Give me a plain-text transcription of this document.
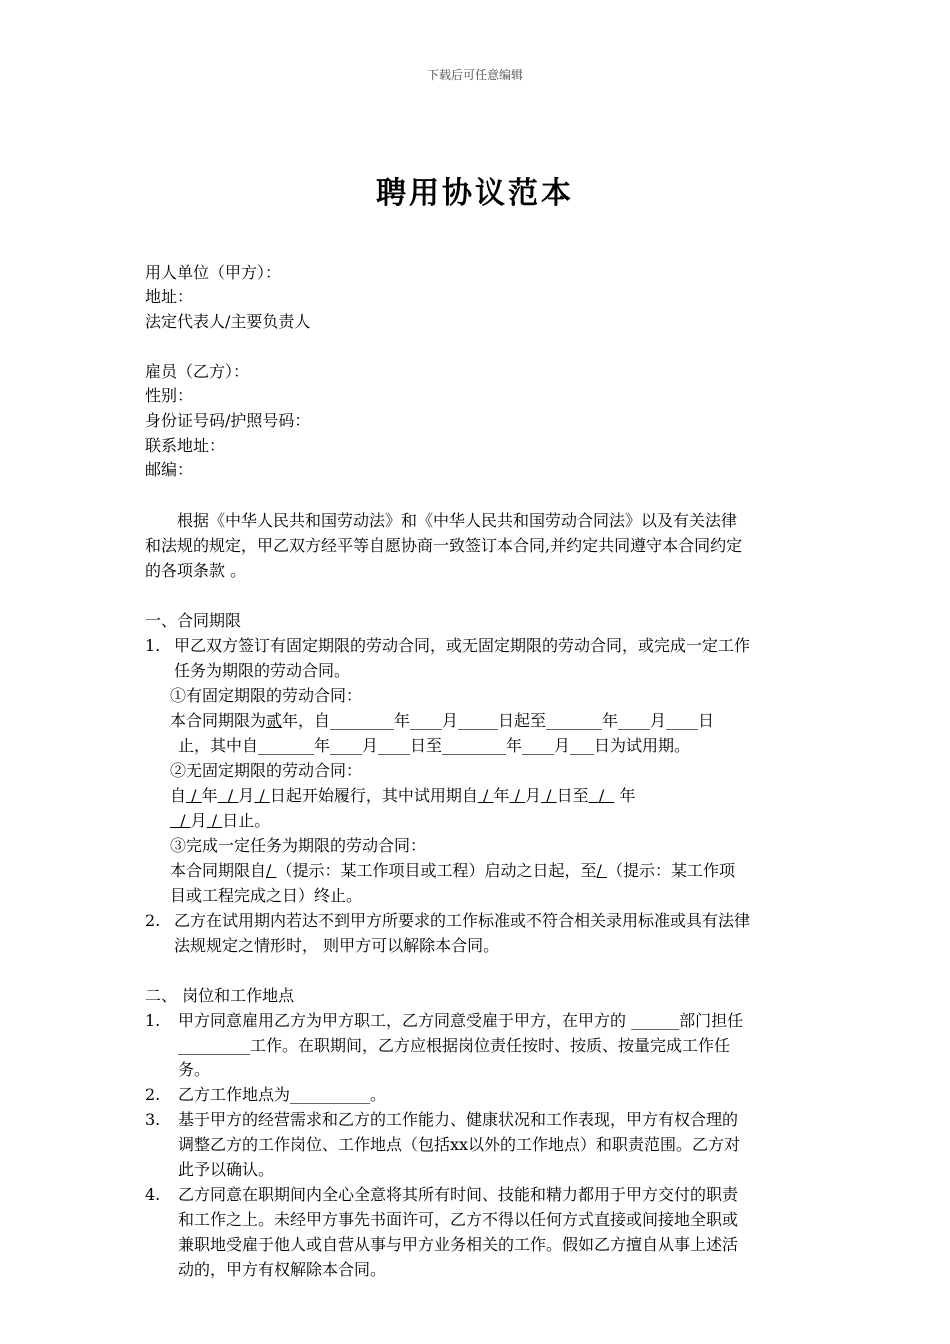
下载后可任意编辑
聘用协议范本
用人单位（甲方）：
地址：
法定代表人/主要负责人
雇员（乙方）：
性别：
身份证号码/护照号码：
联系地址：
邮编：
根据《中华人民共和国劳动法》和《中华人民共和国劳动合同法》以及有关法律
和法规的规定，甲乙双方经平等自愿协商一致签订本合同,并约定共同遵守本合同约定
的各项条款 。
一、合同期限
1. 甲乙双方签订有固定期限的劳动合同，或无固定期限的劳动合同，或完成一定工作
任务为期限的劳动合同。
①有固定期限的劳动合同：
本合同期限为贰年，自________年____月_____日起至_______年____月____日
止，其中自_______年____月____日至________年____月___日为试用期。
②无固定期限的劳动合同：
自 / 年 / 月 / 日起开始履行，其中试用期自 / 年 / 月 / 日至 / 年
/ 月 / 日止。
③完成一定任务为期限的劳动合同：
本合同期限自/ （提示：某工作项目或工程）启动之日起，至/ （提示：某工作项
目或工程完成之日）终止。
2. 乙方在试用期内若达不到甲方所要求的工作标准或不符合相关录用标准或具有法律
法规规定之情形时， 则甲方可以解除本合同。
二、 岗位和工作地点
1. 甲方同意雇用乙方为甲方职工，乙方同意受雇于甲方，在甲方的 ______部门担任
_________工作。在职期间，乙方应根据岗位责任按时、按质、按量完成工作任
务。
2. 乙方工作地点为__________。
3. 基于甲方的经营需求和乙方的工作能力、健康状况和工作表现，甲方有权合理的
调整乙方的工作岗位、工作地点（包括xx以外的工作地点）和职责范围。乙方对
此予以确认。
4. 乙方同意在职期间内全心全意将其所有时间、技能和精力都用于甲方交付的职责
和工作之上。未经甲方事先书面许可，乙方不得以任何方式直接或间接地全职或
兼职地受雇于他人或自营从事与甲方业务相关的工作。假如乙方擅自从事上述活
动的，甲方有权解除本合同。
